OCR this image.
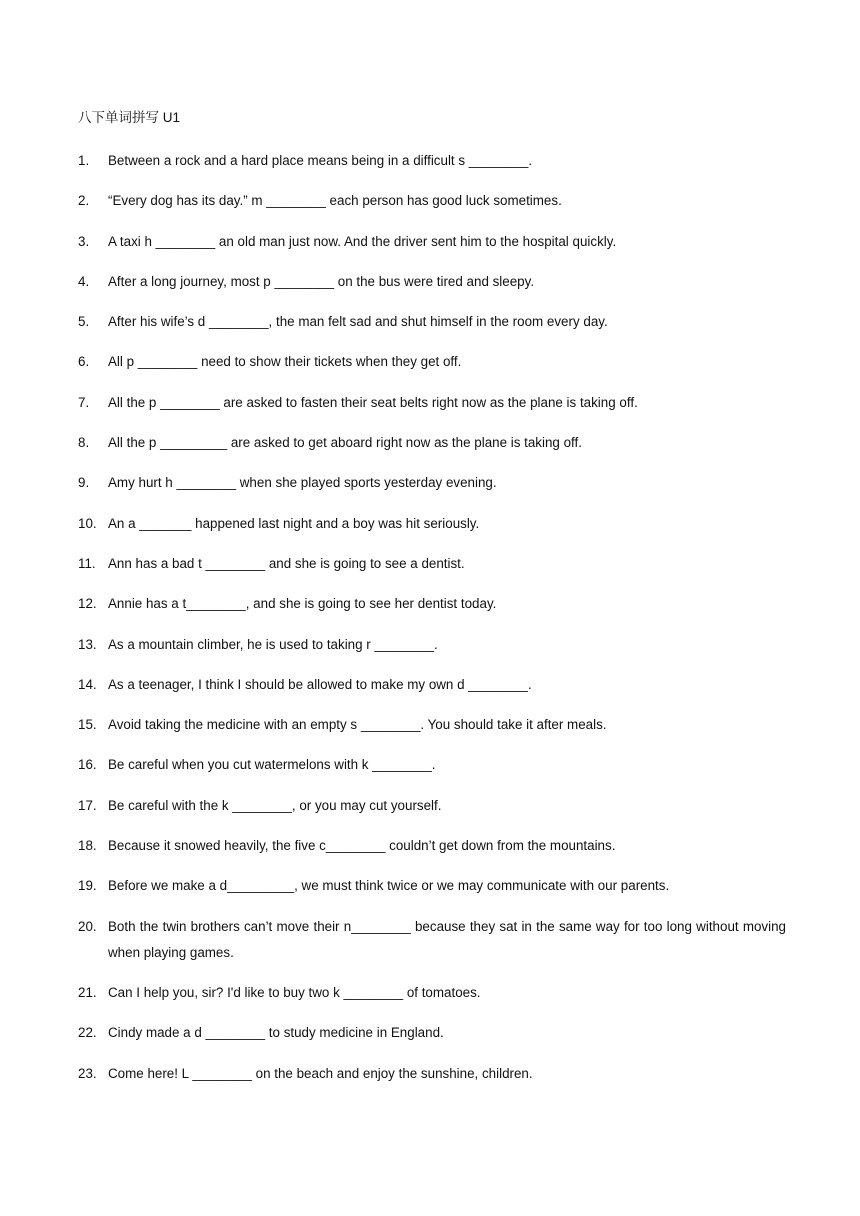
八下单词拼写 U1
1.	Between a rock and a hard place means being in a difficult s ________.
2.	“Every dog has its day.” m ________ each person has good luck sometimes.
3.	A taxi h ________ an old man just now. And the driver sent him to the hospital quickly.
4.	After a long journey, most p ________ on the bus were tired and sleepy.
5.	After his wife’s d ________, the man felt sad and shut himself in the room every day.
6.	All p ________ need to show their tickets when they get off.
7.	All the p ________ are asked to fasten their seat belts right now as the plane is taking off.
8.	All the p _________ are asked to get aboard right now as the plane is taking off.
9.	Amy hurt h ________ when she played sports yesterday evening.
10. An a _______ happened last night and a boy was hit seriously.
11. Ann has a bad t ________ and she is going to see a dentist.
12. Annie has a t________, and she is going to see her dentist today.
13. As a mountain climber, he is used to taking r ________.
14. As a teenager, I think I should be allowed to make my own d ________.
15. Avoid taking the medicine with an empty s ________. You should take it after meals.
16. Be careful when you cut watermelons with k ________.
17. Be careful with the k ________, or you may cut yourself.
18. Because it snowed heavily, the five c________ couldn’t get down from the mountains.
19. Before we make a d_________, we must think twice or we may communicate with our parents.
20. Both the twin brothers can’t move their n________ because they sat in the same way for too long without moving when playing games.
21. Can I help you, sir? I'd like to buy two k ________ of tomatoes.
22. Cindy made a d ________ to study medicine in England.
23. Come here! L ________ on the beach and enjoy the sunshine, children.
